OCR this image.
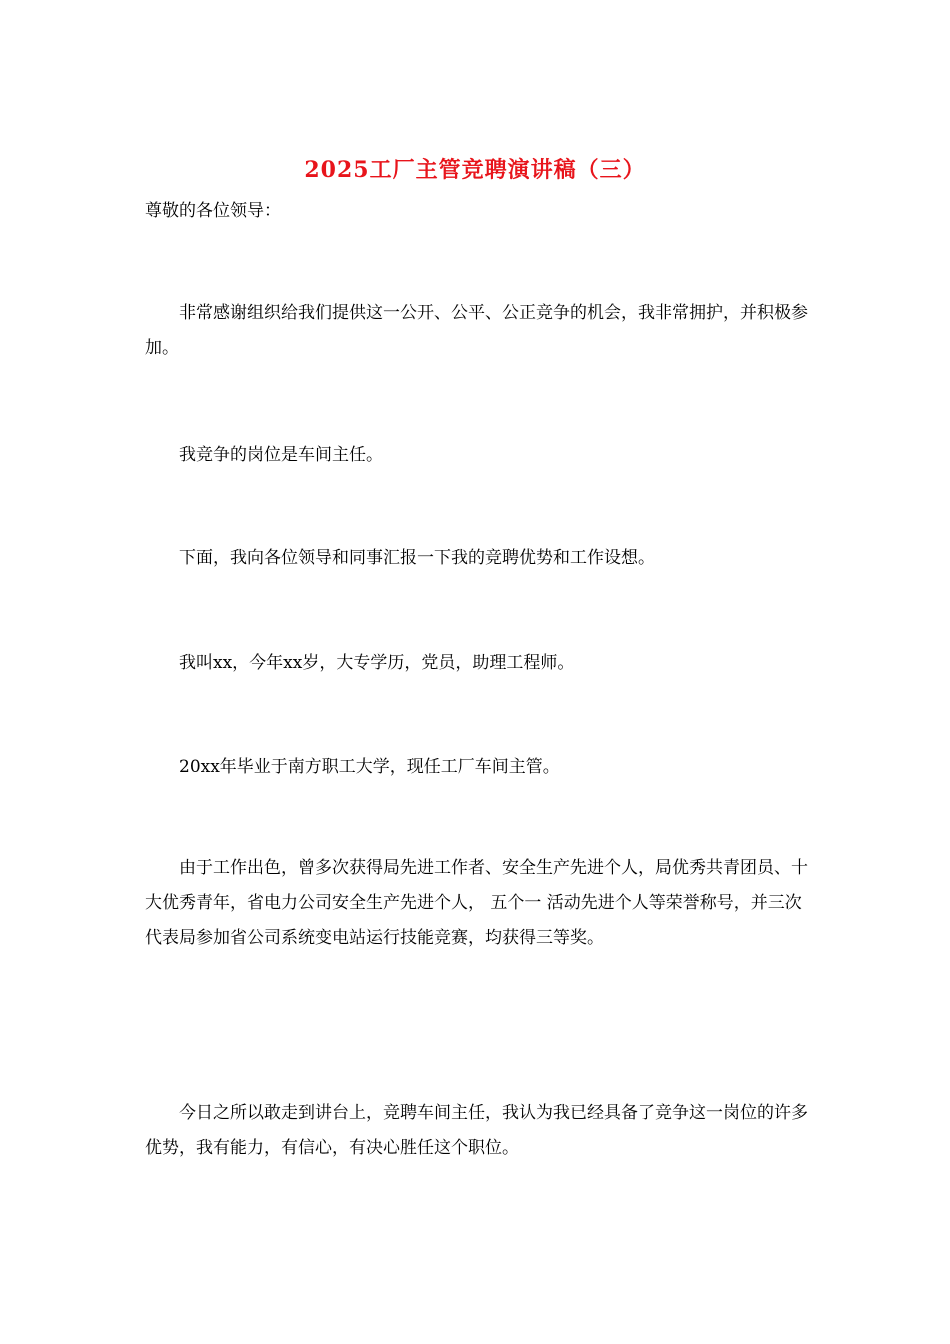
2025工厂主管竞聘演讲稿（三）
尊敬的各位领导：

非常感谢组织给我们提供这一公开、公平、公正竞争的机会，我非常拥护，并积极参加。

我竞争的岗位是车间主任。

下面，我向各位领导和同事汇报一下我的竞聘优势和工作设想。

我叫xx，今年xx岁，大专学历，党员，助理工程师。

20xx年毕业于南方职工大学，现任工厂车间主管。

由于工作出色，曾多次获得局先进工作者、安全生产先进个人，局优秀共青团员、十大优秀青年，省电力公司安全生产先进个人， 五个一 活动先进个人等荣誉称号，并三次代表局参加省公司系统变电站运行技能竞赛，均获得三等奖。

今日之所以敢走到讲台上，竞聘车间主任，我认为我已经具备了竞争这一岗位的许多优势，我有能力，有信心，有决心胜任这个职位。
